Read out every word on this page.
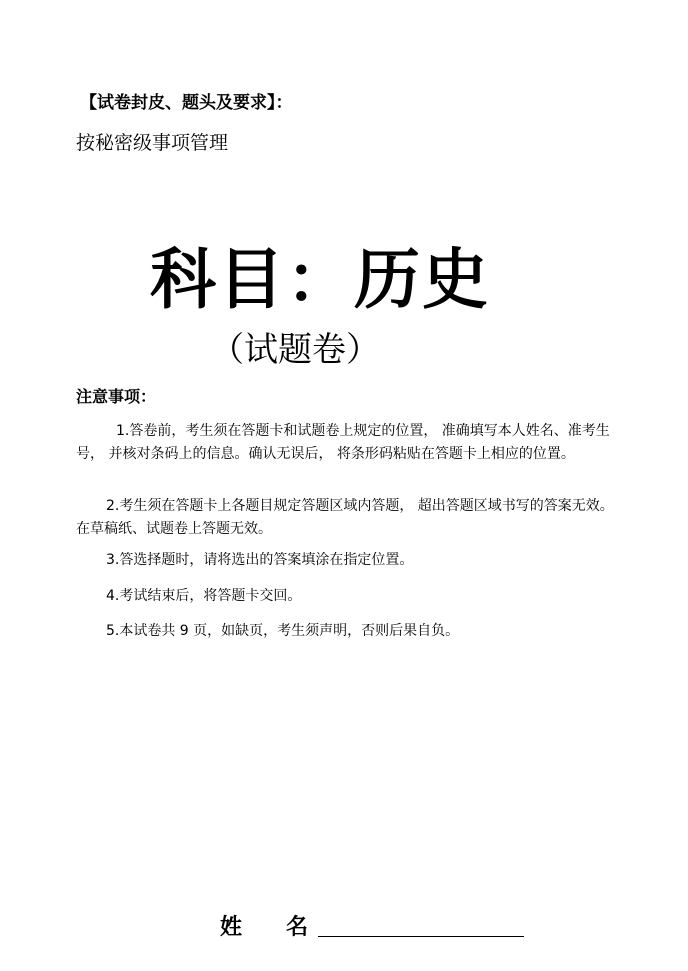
【试卷封皮、题头及要求】：
按秘密级事项管理
科目：历史
（试题卷）
注意事项：
1.答卷前，考生须在答题卡和试题卷上规定的位置， 准确填写本人姓名、准考生号， 并核对条码上的信息。确认无误后， 将条形码粘贴在答题卡上相应的位置。
2.考生须在答题卡上各题目规定答题区域内答题， 超出答题区域书写的答案无效。在草稿纸、试题卷上答题无效。
3.答选择题时，请将选出的答案填涂在指定位置。
4.考试结束后，将答题卡交回。
5.本试卷共 9 页，如缺页，考生须声明，否则后果自负。
姓名
